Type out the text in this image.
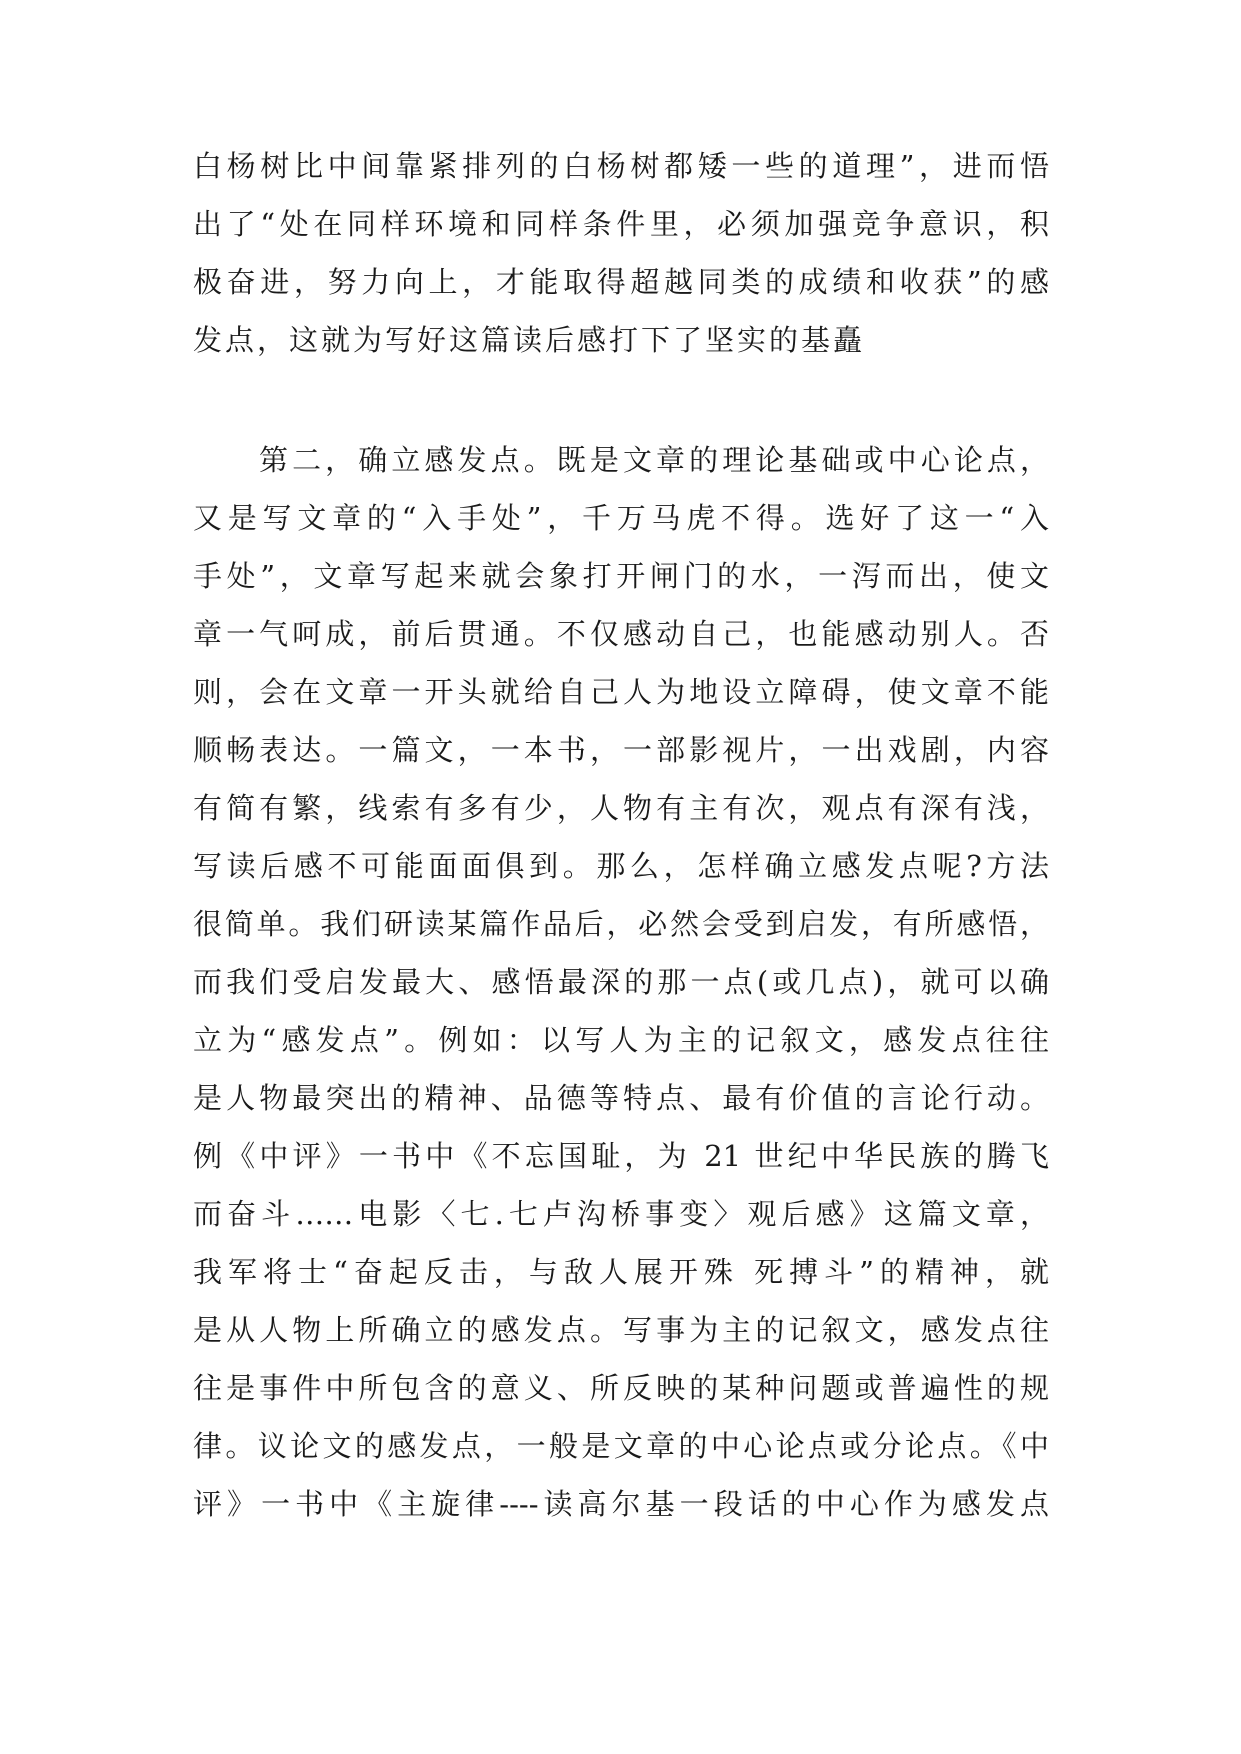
白杨树比中间靠紧排列的白杨树都矮一些的道理”，进而悟
出了“处在同样环境和同样条件里，必须加强竞争意识，积
极奋进，努力向上，才能取得超越同类的成绩和收获”的感
发点，这就为写好这篇读后感打下了坚实的基矗
第二，确立感发点。既是文章的理论基础或中心论点，
又是写文章的“入手处”，千万马虎不得。选好了这一“入
手处”，文章写起来就会象打开闸门的水，一泻而出，使文
章一气呵成，前后贯通。不仅感动自己，也能感动别人。否
则，会在文章一开头就给自己人为地设立障碍，使文章不能
顺畅表达。一篇文，一本书，一部影视片，一出戏剧，内容
有简有繁，线索有多有少，人物有主有次，观点有深有浅，
写读后感不可能面面俱到。那么，怎样确立感发点呢?方法
很简单。我们研读某篇作品后，必然会受到启发，有所感悟，
而我们受启发最大、感悟最深的那一点(或几点)，就可以确
立为“感发点”。例如：以写人为主的记叙文，感发点往往
是人物最突出的精神、品德等特点、最有价值的言论行动。
例《中评》一书中《不忘国耻，为 21 世纪中华民族的腾飞
而奋斗……电影〈七.七卢沟桥事变〉观后感》这篇文章，
我军将士“奋起反击，与敌人展开殊 死搏斗”的精神，就
是从人物上所确立的感发点。写事为主的记叙文，感发点往
往是事件中所包含的意义、所反映的某种问题或普遍性的规
律。议论文的感发点，一般是文章的中心论点或分论点。《中
评》一书中《主旋律----读高尔基一段话的中心作为感发点
